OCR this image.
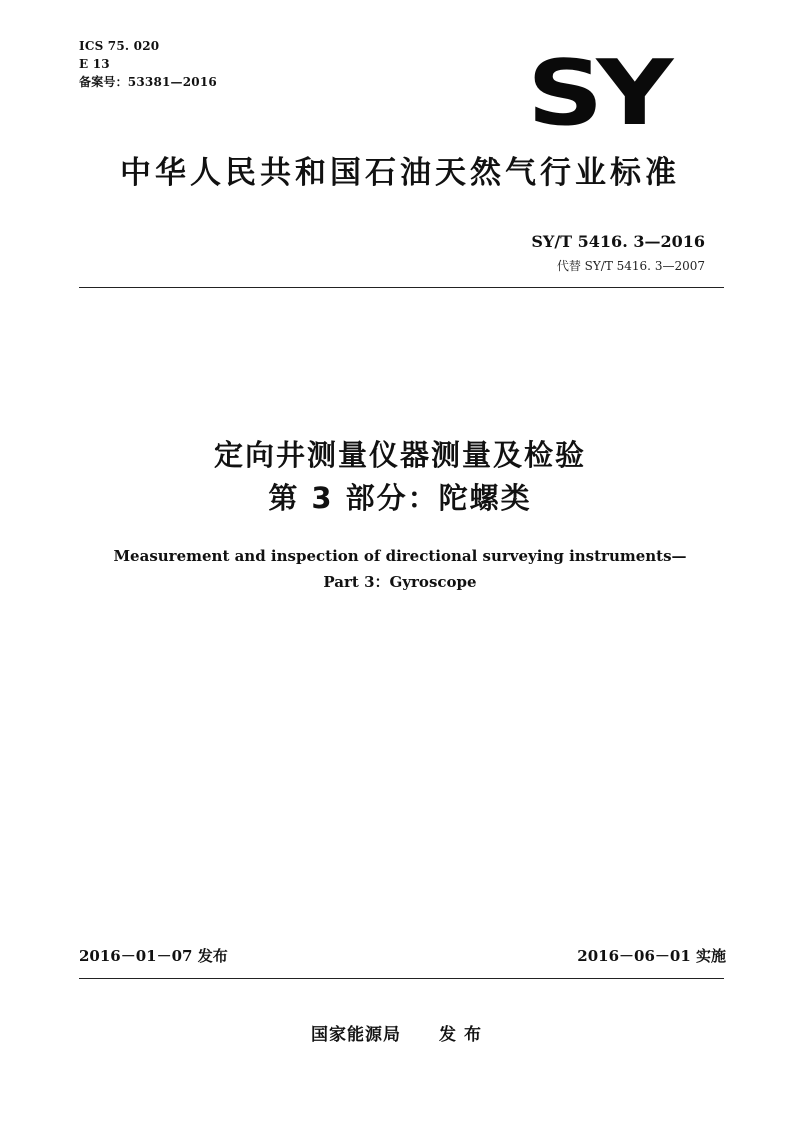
ICS 75. 020
E 13
备案号：53381—2016	SY
中华人民共和国石油天然气行业标准
SY/T 5416. 3—2016
代替 SY/T 5416. 3—2007
定向井测量仪器测量及检验
第 3 部分：陀螺类
Measurement and inspection of directional surveying instruments—
Part 3：Gyroscope
2016－01－07 发布	2016－06－01 实施
国家能源局 发布
